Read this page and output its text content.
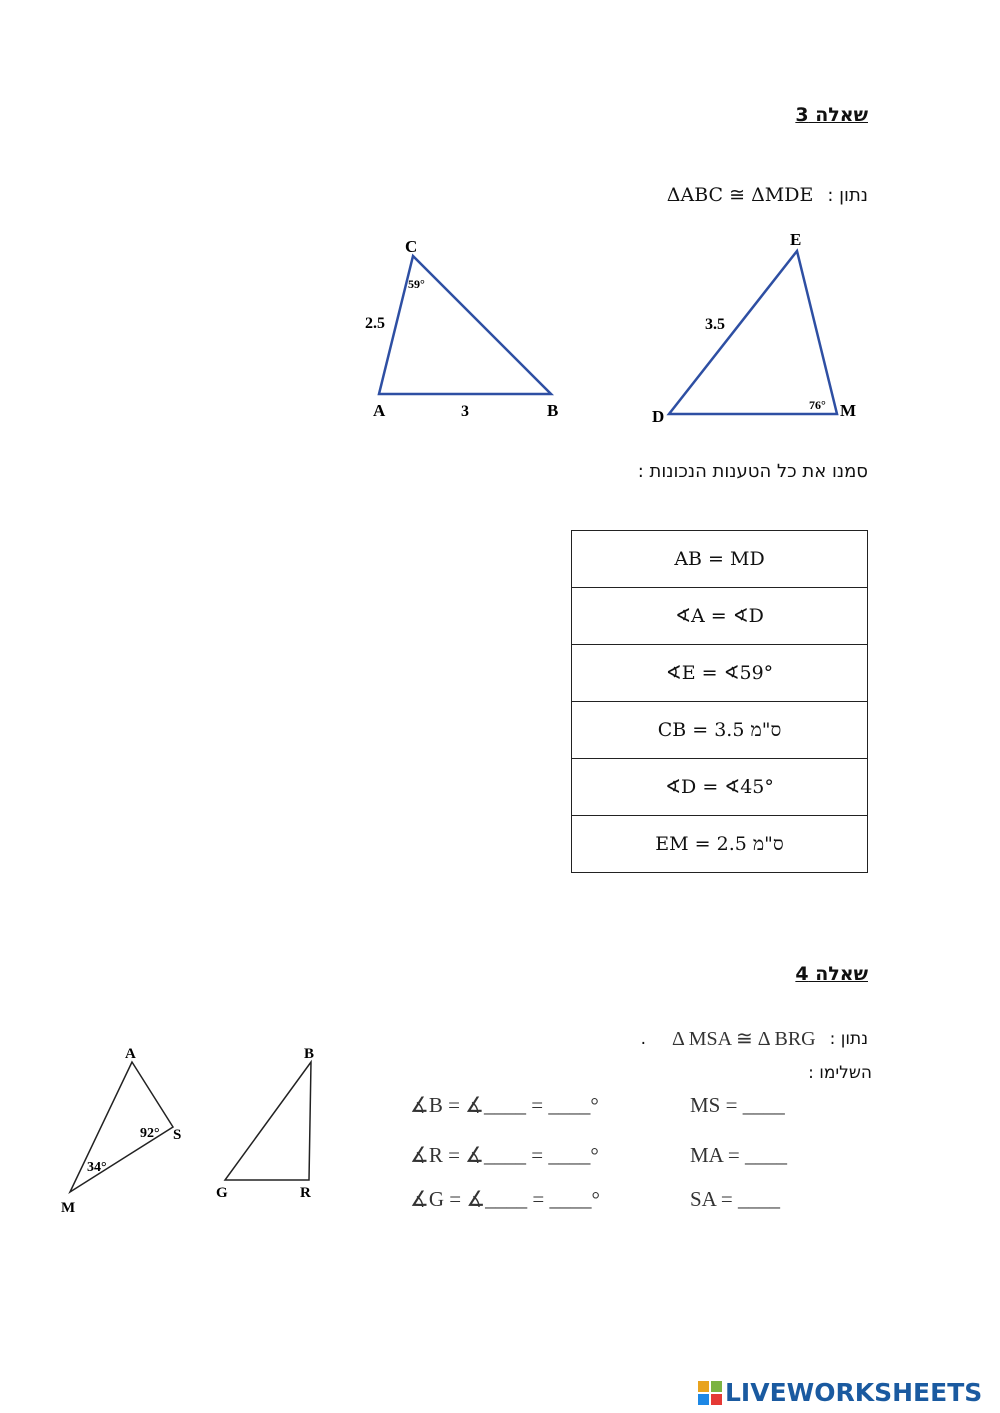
שאלה 3
נתון :
ΔABC ≅ ΔMDE
C
A	B
2.5
3
59°
E
D	M
3.5
76°
סמנו את כל הטענות הנכונות :
AB = MD
∢A = ∢D
∢E = ∢59°
CB = ס"מ 3.5
∢D = ∢45°
EM = ס"מ 2.5
שאלה 4
נתון :
Δ MSA ≅ Δ BRG
.
השלימו :
∡B = ∡____ = ____°
∡R = ∡____ = ____°
∡G = ∡____ = ____°
MS = ____
MA = ____
SA = ____
A
S
M
92°
34°
B
G	R
LIVEWORKSHEETS
